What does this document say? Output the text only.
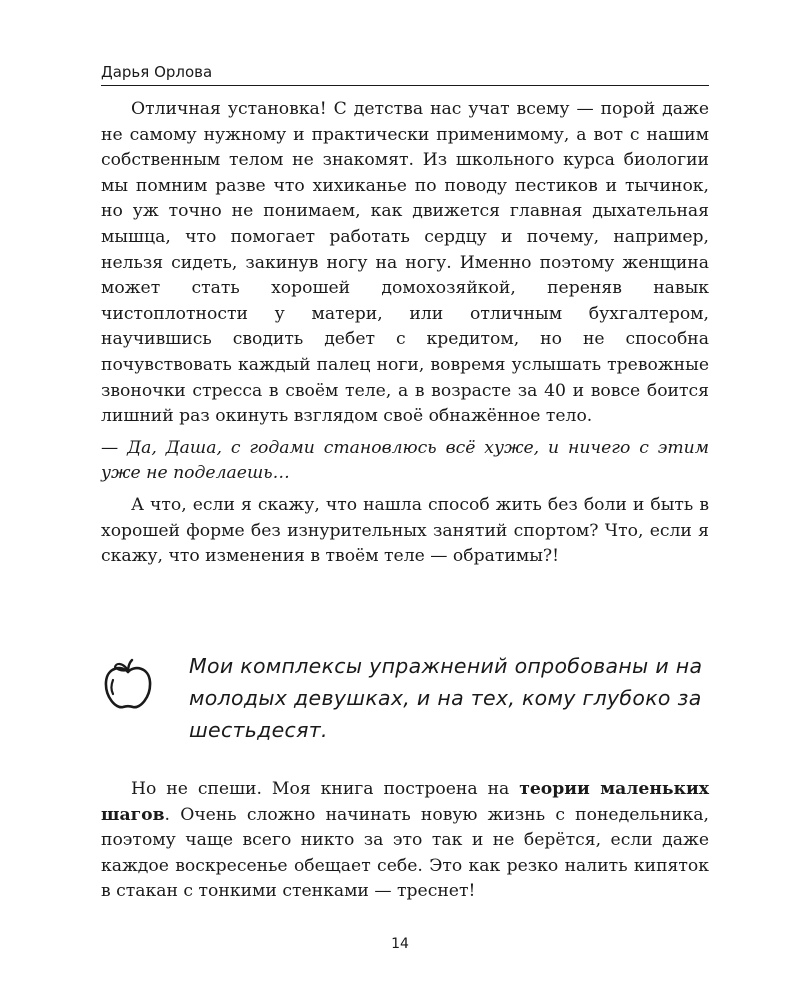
Дарья Орлова

Отличная установка! С детства нас учат всему — порой даже не самому нужному и практически применимому, а вот с нашим собственным телом не знакомят. Из школьного курса биологии мы помним разве что хихиканье по поводу пестиков и тычинок, но уж точно не понимаем, как движется главная дыхательная мышца, что помогает работать сердцу и почему, например, нельзя сидеть, закинув ногу на ногу. Именно поэтому женщина может стать хорошей домохозяйкой, переняв навык чистоплотности у матери, или отличным бухгалтером, научившись сводить дебет с кредитом, но не способна почувствовать каждый палец ноги, вовремя услышать тревожные звоночки стресса в своём теле, а в возрасте за 40 и вовсе боится лишний раз окинуть взглядом своё обнажённое тело.

— Да, Даша, с годами становлюсь всё хуже, и ничего с этим уже не поделаешь…

А что, если я скажу, что нашла способ жить без боли и быть в хорошей форме без изнурительных занятий спортом? Что, если я скажу, что изменения в твоём теле — обратимы?!

Мои комплексы упражнений опробованы и на молодых девушках, и на тех, кому глубоко за шестьдесят.

Но не спеши. Моя книга построена на теории маленьких шагов. Очень сложно начинать новую жизнь с понедельника, поэтому чаще всего никто за это так и не берётся, если даже каждое воскресенье обещает себе. Это как резко налить кипяток в стакан с тонкими стенками — треснет!

14
